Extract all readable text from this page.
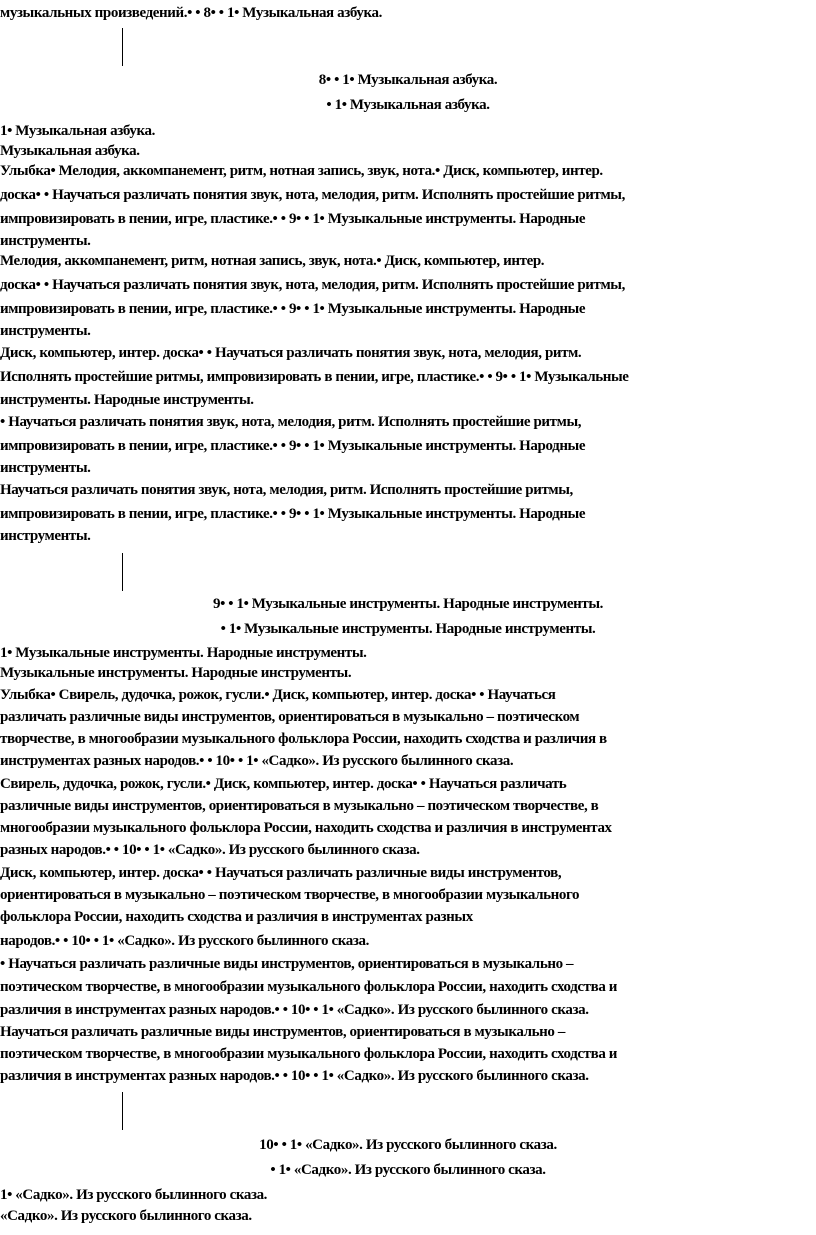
музыкальных произведений.• • 8• • 1• Музыкальная азбука.
8• • 1• Музыкальная азбука.
• 1• Музыкальная азбука.
1• Музыкальная азбука.
Музыкальная азбука.
Улыбка• Мелодия, аккомпанемент, ритм, нотная запись, звук, нота.• Диск, компьютер, интер.
доска• • Научаться различать понятия звук, нота, мелодия, ритм. Исполнять простейшие ритмы,
импровизировать в пении, игре, пластике.• • 9• • 1• Музыкальные инструменты. Народные
инструменты.
Мелодия, аккомпанемент, ритм, нотная запись, звук, нота.• Диск, компьютер, интер.
доска• • Научаться различать понятия звук, нота, мелодия, ритм. Исполнять простейшие ритмы,
импровизировать в пении, игре, пластике.• • 9• • 1• Музыкальные инструменты. Народные
инструменты.
Диск, компьютер, интер. доска• • Научаться различать понятия звук, нота, мелодия, ритм.
Исполнять простейшие ритмы, импровизировать в пении, игре, пластике.• • 9• • 1• Музыкальные
инструменты. Народные инструменты.
• Научаться различать понятия звук, нота, мелодия, ритм. Исполнять простейшие ритмы,
импровизировать в пении, игре, пластике.• • 9• • 1• Музыкальные инструменты. Народные
инструменты.
Научаться различать понятия звук, нота, мелодия, ритм. Исполнять простейшие ритмы,
импровизировать в пении, игре, пластике.• • 9• • 1• Музыкальные инструменты. Народные
инструменты.
9• • 1• Музыкальные инструменты. Народные инструменты.
• 1• Музыкальные инструменты. Народные инструменты.
1• Музыкальные инструменты. Народные инструменты.
Музыкальные инструменты. Народные инструменты.
Улыбка• Свирель, дудочка, рожок, гусли.• Диск, компьютер, интер. доска• • Научаться
различать различные виды инструментов, ориентироваться в музыкально – поэтическом
творчестве, в многообразии музыкального фольклора России, находить сходства и различия в
инструментах разных народов.• • 10• • 1• «Садко». Из русского былинного сказа.
Свирель, дудочка, рожок, гусли.• Диск, компьютер, интер. доска• • Научаться различать
различные виды инструментов, ориентироваться в музыкально – поэтическом творчестве, в
многообразии музыкального фольклора России, находить сходства и различия в инструментах
разных народов.• • 10• • 1• «Садко». Из русского былинного сказа.
Диск, компьютер, интер. доска• • Научаться различать различные виды инструментов,
ориентироваться в музыкально – поэтическом творчестве, в многообразии музыкального
фольклора России, находить сходства и различия в инструментах разных
народов.• • 10• • 1• «Садко». Из русского былинного сказа.
• Научаться различать различные виды инструментов, ориентироваться в музыкально –
поэтическом творчестве, в многообразии музыкального фольклора России, находить сходства и
различия в инструментах разных народов.• • 10• • 1• «Садко». Из русского былинного сказа.
Научаться различать различные виды инструментов, ориентироваться в музыкально –
поэтическом творчестве, в многообразии музыкального фольклора России, находить сходства и
различия в инструментах разных народов.• • 10• • 1• «Садко». Из русского былинного сказа.
10• • 1• «Садко». Из русского былинного сказа.
• 1• «Садко». Из русского былинного сказа.
1• «Садко». Из русского былинного сказа.
«Садко». Из русского былинного сказа.
